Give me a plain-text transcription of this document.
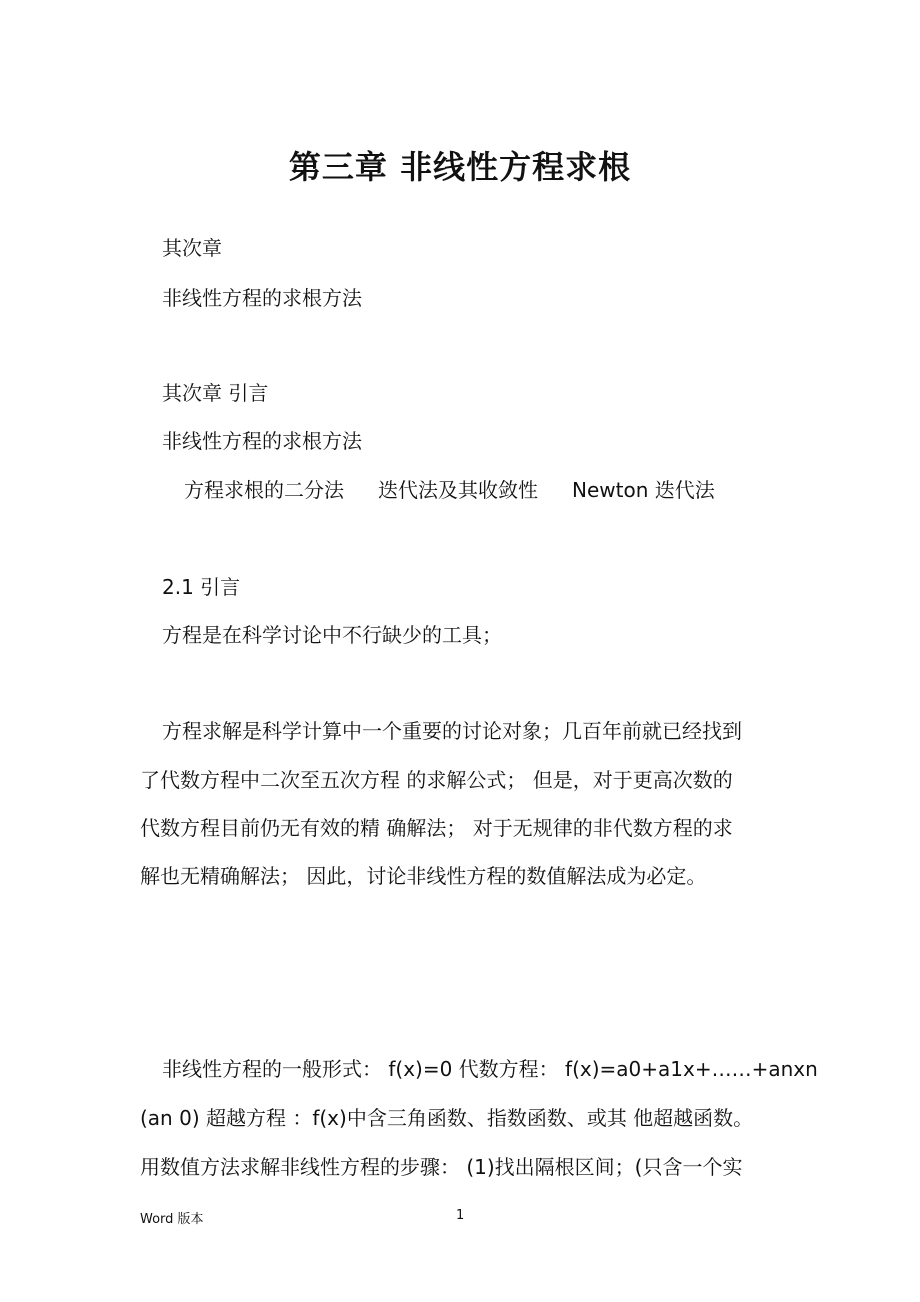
第三章 非线性方程求根
其次章
非线性方程的求根方法
其次章 引言
非线性方程的求根方法
方程求根的二分法 迭代法及其收敛性 Newton 迭代法
2.1 引言
方程是在科学讨论中不行缺少的工具；
方程求解是科学计算中一个重要的讨论对象；几百年前就已经找到
了代数方程中二次至五次方程 的求解公式； 但是，对于更高次数的
代数方程目前仍无有效的精 确解法； 对于无规律的非代数方程的求
解也无精确解法； 因此，讨论非线性方程的数值解法成为必定。
非线性方程的一般形式： f(x)=0 代数方程： f(x)=a0+a1x+……+anxn
(an 0) 超越方程 ：f(x)中含三角函数、指数函数、或其 他超越函数。
用数值方法求解非线性方程的步骤： (1)找出隔根区间；(只含一个实
Word 版本	1
